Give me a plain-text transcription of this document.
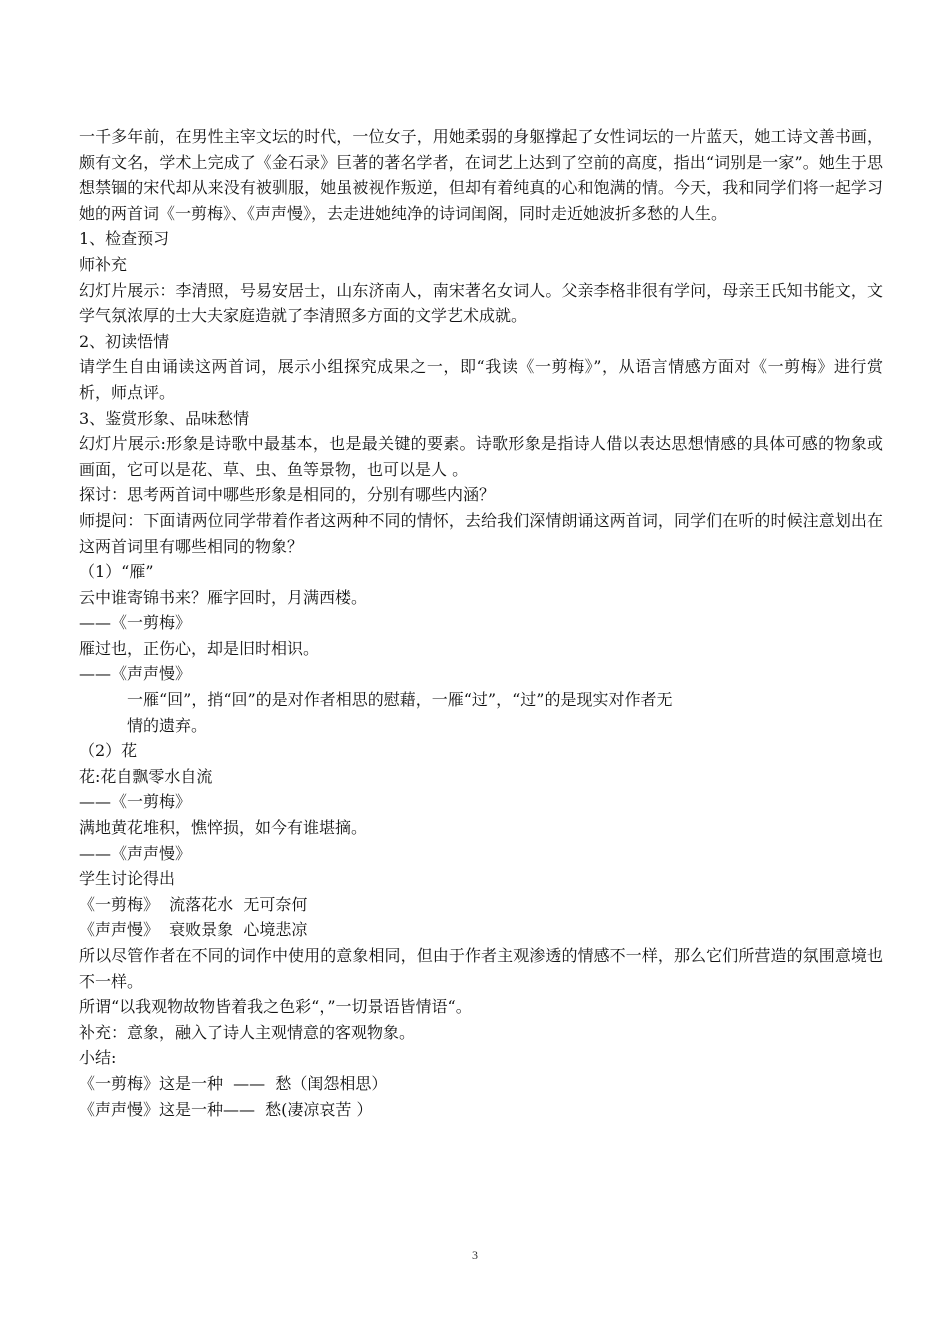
一千多年前，在男性主宰文坛的时代，一位女子，用她柔弱的身躯撑起了女性词坛的一片蓝天，她工诗文善书画，颇有文名，学术上完成了《金石录》巨著的著名学者，在词艺上达到了空前的高度，指出“词别是一家”。她生于思想禁锢的宋代却从来没有被驯服，她虽被视作叛逆，但却有着纯真的心和饱满的情。今天，我和同学们将一起学习她的两首词《一剪梅》、《声声慢》，去走进她纯净的诗词闺阁，同时走近她波折多愁的人生。
1、检查预习
师补充
幻灯片展示：李清照，号易安居士，山东济南人，南宋著名女词人。父亲李格非很有学问，母亲王氏知书能文，文学气氛浓厚的士大夫家庭造就了李清照多方面的文学艺术成就。
2、初读悟情
请学生自由诵读这两首词，展示小组探究成果之一，即“我读《一剪梅》”，从语言情感方面对《一剪梅》进行赏析，师点评。
3、鉴赏形象、品味愁情
幻灯片展示:形象是诗歌中最基本，也是最关键的要素。诗歌形象是指诗人借以表达思想情感的具体可感的物象或画面，它可以是花、草、虫、鱼等景物，也可以是人 。
探讨：思考两首词中哪些形象是相同的，分别有哪些内涵？
师提问：下面请两位同学带着作者这两种不同的情怀，去给我们深情朗诵这两首词，同学们在听的时候注意划出在这两首词里有哪些相同的物象？
（1）“雁”
云中谁寄锦书来？雁字回时，月满西楼。
——《一剪梅》
雁过也，正伤心，却是旧时相识。
——《声声慢》
一雁“回”，捎“回”的是对作者相思的慰藉，一雁“过”，“过”的是现实对作者无
情的遗弃。
（2）花
花:花自飘零水自流
——《一剪梅》
满地黄花堆积，憔悴损，如今有谁堪摘。
——《声声慢》
学生讨论得出
《一剪梅》  流落花水  无可奈何
《声声慢》  衰败景象  心境悲凉
所以尽管作者在不同的词作中使用的意象相同，但由于作者主观渗透的情感不一样，那么它们所营造的氛围意境也不一样。
所谓“以我观物故物皆着我之色彩“，”一切景语皆情语“。
补充：意象，融入了诗人主观情意的客观物象。
小结:
《一剪梅》这是一种  ——  愁（闺怨相思）
《声声慢》这是一种——  愁(凄凉哀苦 ）
3
